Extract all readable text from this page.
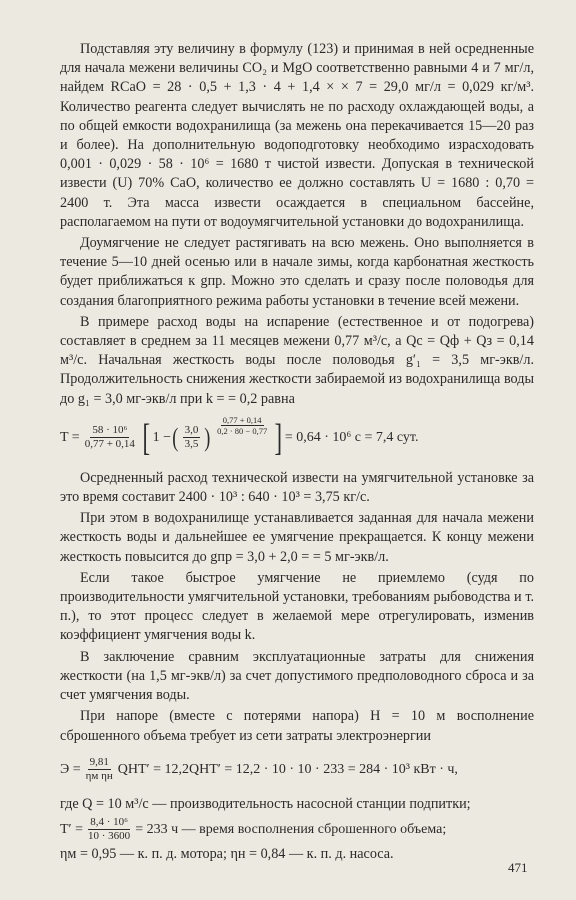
Подставляя эту величину в формулу (123) и принимая в ней осредненные для начала межени величины CO₂ и MgO соответственно равными 4 и 7 мг/л, найдем RCaO = 28 · 0,5 + 1,3 · 4 + 1,4 × × 7 = 29,0 мг/л = 0,029 кг/м³. Количество реагента следует вычислять не по расходу охлаждающей воды, а по общей емкости водохранилища (за межень она перекачивается 15—20 раз и более). На дополнительную водоподготовку необходимо израсходовать 0,001 · 0,029 · 58 · 10⁶ = 1680 т чистой извести. Допуская в технической извести (U) 70% CaO, количество ее должно составлять U = 1680 : 0,70 = 2400 т. Эта масса извести осаждается в специальном бассейне, располагаемом на пути от водоумягчительной установки до водохранилища.

Доумягчение не следует растягивать на всю межень. Оно выполняется в течение 5—10 дней осенью или в начале зимы, когда карбонатная жесткость будет приближаться к gпр. Можно это сделать и сразу после половодья для создания благоприятного режима работы установки в течение всей межени.

В примере расход воды на испарение (естественное и от подогрева) составляет в среднем за 11 месяцев межени 0,77 м³/с, а Qс = Qф + Qз = 0,14 м³/с. Начальная жесткость воды после половодья g′₁ = 3,5 мг-экв/л. Продолжительность снижения жесткости забираемой из водохранилища воды до g₁ = 3,0 мг-экв/л при k = = 0,2 равна

$T = \frac{\text{58 · 10⁶}}{0,77 + 0,14}$ [ 1 − ( $\frac{3,0}{3,5}$ ) $\frac{0,77 + 0,14}{0,2 \cdot 80 - 0,77}$ ] = 0,64 · 10⁶ с = 7,4 сут.

Осредненный расход технической извести на умягчительной установке за это время составит 2400 · 10³ : 640 · 10³ = 3,75 кг/с.

При этом в водохранилище устанавливается заданная для начала межени жесткость воды и дальнейшее ее умягчение прекращается. К концу межени жесткость повысится до gпр = 3,0 + 2,0 = = 5 мг-экв/л.

Если такое быстрое умягчение не приемлемо (судя по производительности умягчительной установки, требованиям рыбоводства и т. п.), то этот процесс следует в желаемой мере отрегулировать, изменив коэффициент умягчения воды k.

В заключение сравним эксплуатационные затраты для снижения жесткости (на 1,5 мг-экв/л) за счет допустимого предполоводного сброса и за счет умягчения воды.

При напоре (вместе с потерями напора) H = 10 м восполнение сброшенного объема требует из сети затраты электроэнергии

$Э = \frac{9,81}{\text{ηм ηн}} QHT' = 12,2QHT' = 12,2 \cdot 10 \cdot 10 \cdot 233 = 284 \cdot 10^3$ кВт · ч,

где Q = 10 м³/с — производительность насосной станции подпитки;

$T' = \frac{\text{8,4 · 10⁶}}{10 \cdot 3600} = 233$ ч — время восполнения сброшенного объема;

ηм = 0,95 — к. п. д. мотора; ηн = 0,84 — к. п. д. насоса.

471
